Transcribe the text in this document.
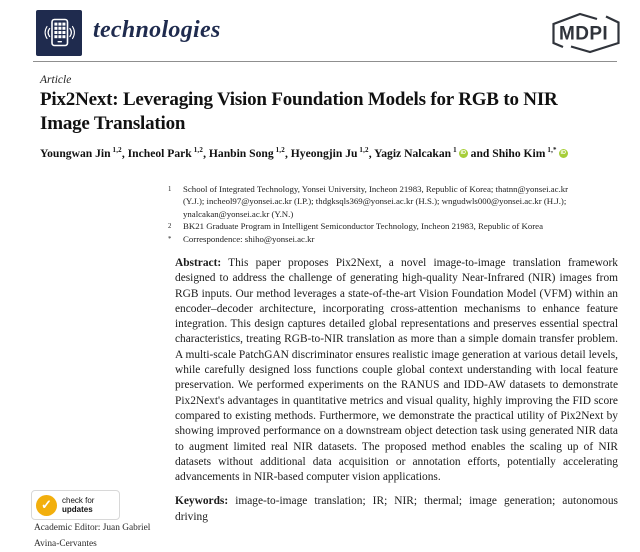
technologies	MDPI
Article
Pix2Next: Leveraging Vision Foundation Models for RGB to NIR
Image Translation
Youngwan Jin $^{1,2}$, Incheol Park $^{1,2}$, Hanbin Song $^{1,2}$, Hyeongjin Ju $^{1,2}$, Yagiz Nalcakan $^1$ iD and Shiho Kim $^{1,*}$ iD
1	School of Integrated Technology, Yonsei University, Incheon 21983, Republic of Korea; thatnn@yonsei.ac.kr (Y.J.); incheol97@yonsei.ac.kr (I.P.); thdgksqls369@yonsei.ac.kr (H.S.); wngudwls000@yonsei.ac.kr (H.J.); ynalcakan@yonsei.ac.kr (Y.N.)
2	BK21 Graduate Program in Intelligent Semiconductor Technology, Incheon 21983, Republic of Korea
*	Correspondence: shiho@yonsei.ac.kr
Abstract: This paper proposes Pix2Next, a novel image-to-image translation framework designed to address the challenge of generating high-quality Near-Infrared (NIR) images from RGB inputs. Our method leverages a state-of-the-art Vision Foundation Model (VFM) within an encoder–decoder architecture, incorporating cross-attention mechanisms to enhance feature integration. This design captures detailed global representations and preserves essential spectral characteristics, treating RGB-to-NIR translation as more than a simple domain transfer problem. A multi-scale PatchGAN discriminator ensures realistic image generation at various detail levels, while carefully designed loss functions couple global context understanding with local feature preservation. We performed experiments on the RANUS and IDD-AW datasets to demonstrate Pix2Next's advantages in quantitative metrics and visual quality, highly improving the FID score compared to existing methods. Furthermore, we demonstrate the practical utility of Pix2Next by showing improved performance on a downstream object detection task using generated NIR data to augment limited real NIR datasets. The proposed method enables the scaling up of NIR datasets without additional data acquisition or annotation efforts, potentially accelerating advancements in NIR-based computer vision applications.
Keywords: image-to-image translation; IR; NIR; thermal; image generation; autonomous driving
✓	check for
updates
Academic Editor: Juan Gabriel Avina-Cervantes
